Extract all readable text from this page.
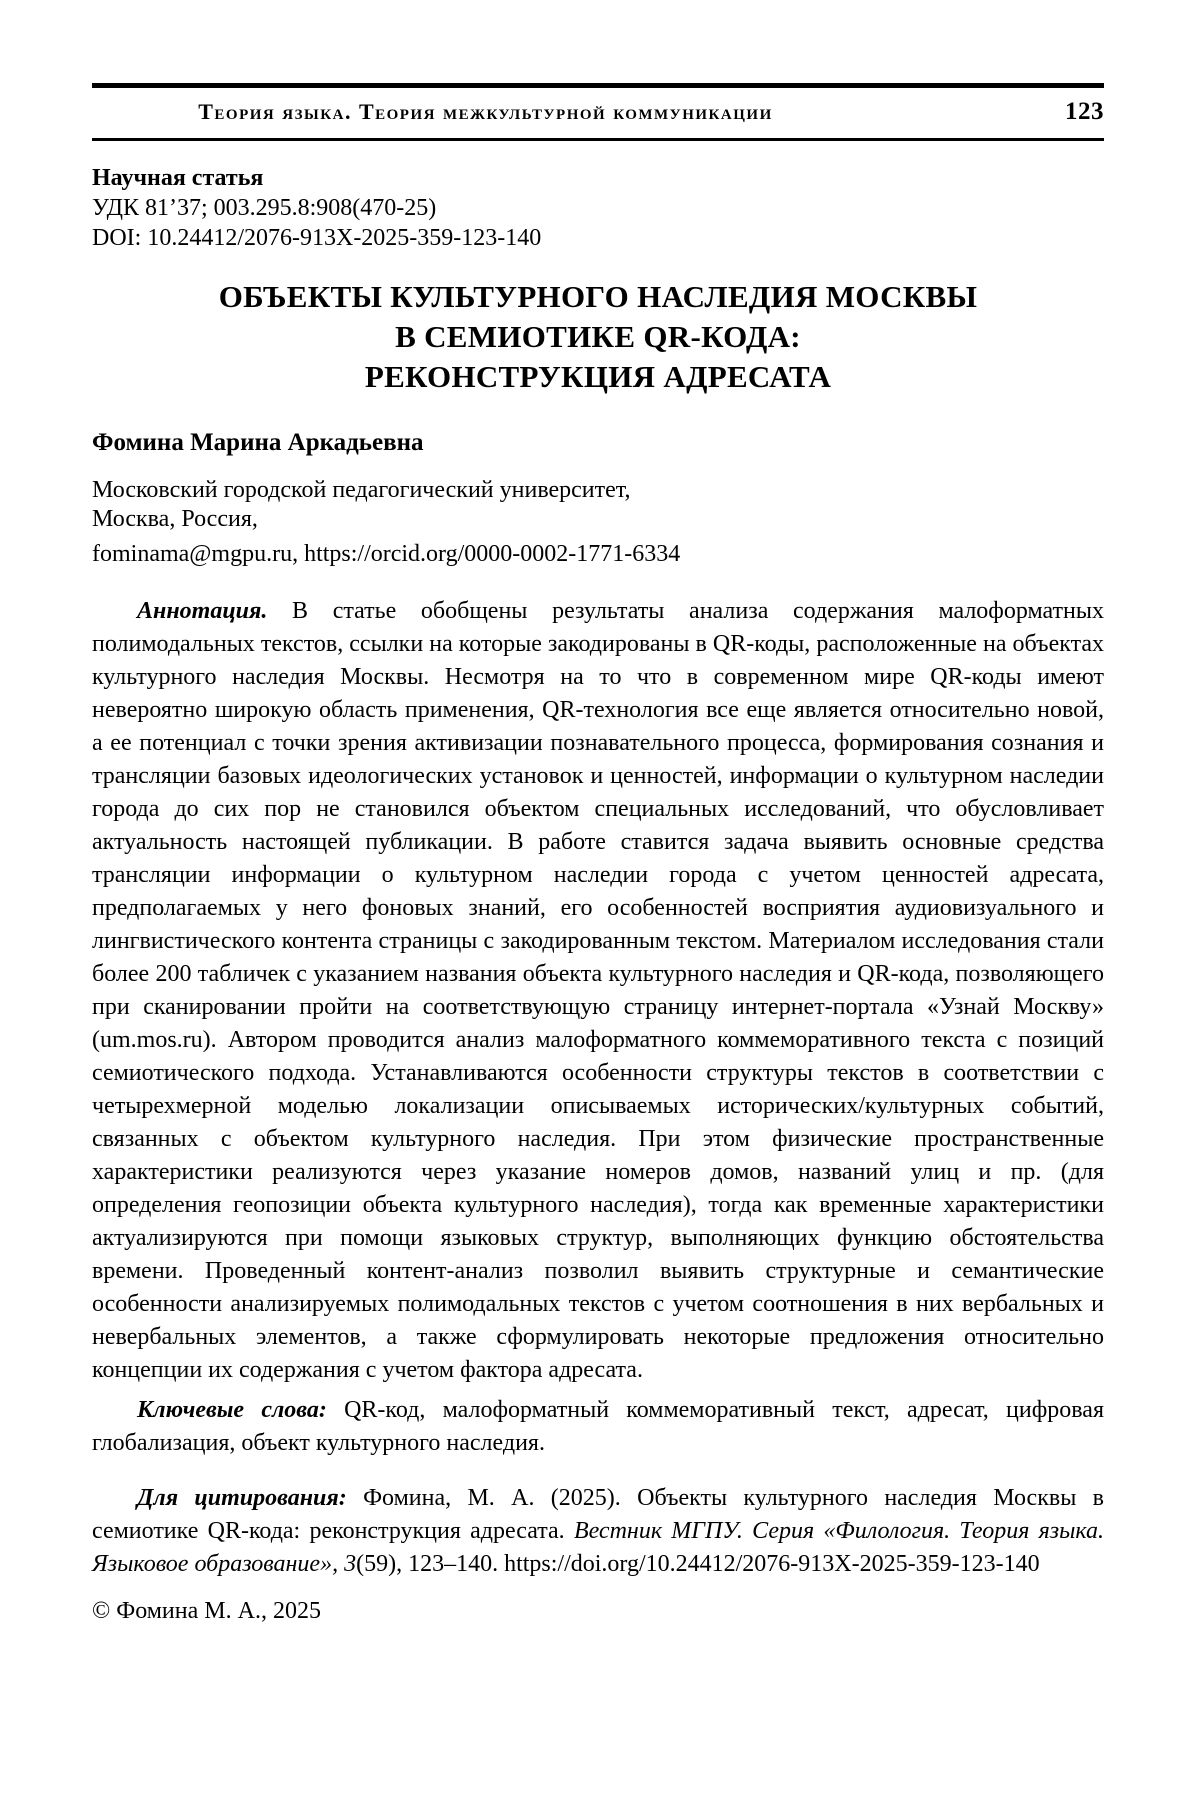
Теория языка. Теория межкультурной коммуникации	123
Научная статья
УДК 81’37; 003.295.8:908(470-25)
DOI: 10.24412/2076-913X-2025-359-123-140
ОБЪЕКТЫ КУЛЬТУРНОГО НАСЛЕДИЯ МОСКВЫ
В СЕМИОТИКЕ QR-КОДА:
РЕКОНСТРУКЦИЯ АДРЕСАТА
Фомина Марина Аркадьевна
Московский городской педагогический университет,
Москва, Россия,
fominama@mgpu.ru, https://orcid.org/0000-0002-1771-6334

Аннотация. В статье обобщены результаты анализа содержания малоформатных полимодальных текстов, ссылки на которые закодированы в QR-коды, расположенные на объектах культурного наследия Москвы. Несмотря на то что в современном мире QR-коды имеют невероятно широкую область применения, QR-технология все еще является относительно новой, а ее потенциал с точки зрения активизации познавательного процесса, формирования сознания и трансляции базовых идеологических установок и ценностей, информации о культурном наследии города до сих пор не становился объектом специальных исследований, что обусловливает актуальность настоящей публикации. В работе ставится задача выявить основные средства трансляции информации о культурном наследии города с учетом ценностей адресата, предполагаемых у него фоновых знаний, его особенностей восприятия аудиовизуального и лингвистического контента страницы с закодированным текстом. Материалом исследования стали более 200 табличек с указанием названия объекта культурного наследия и QR-кода, позволяющего при сканировании пройти на соответствующую страницу интернет-портала «Узнай Москву» (um.mos.ru). Автором проводится анализ малоформатного коммеморативного текста с позиций семиотического подхода. Устанавливаются особенности структуры текстов в соответствии с четырехмерной моделью локализации описываемых исторических/культурных событий, связанных с объектом культурного наследия. При этом физические пространственные характеристики реализуются через указание номеров домов, названий улиц и пр. (для определения геопозиции объекта культурного наследия), тогда как временные характеристики актуализируются при помощи языковых структур, выполняющих функцию обстоятельства времени. Проведенный контент-анализ позволил выявить структурные и семантические особенности анализируемых полимодальных текстов с учетом соотношения в них вербальных и невербальных элементов, а также сформулировать некоторые предложения относительно концепции их содержания с учетом фактора адресата.

Ключевые слова: QR-код, малоформатный коммеморативный текст, адресат, цифровая глобализация, объект культурного наследия.

Для цитирования: Фомина, М. А. (2025). Объекты культурного наследия Москвы в семиотике QR-кода: реконструкция адресата. Вестник МГПУ. Серия «Филология. Теория языка. Языковое образование», 3(59), 123–140. https://doi.org/10.24412/2076-913X-2025-359-123-140

© Фомина М. А., 2025
